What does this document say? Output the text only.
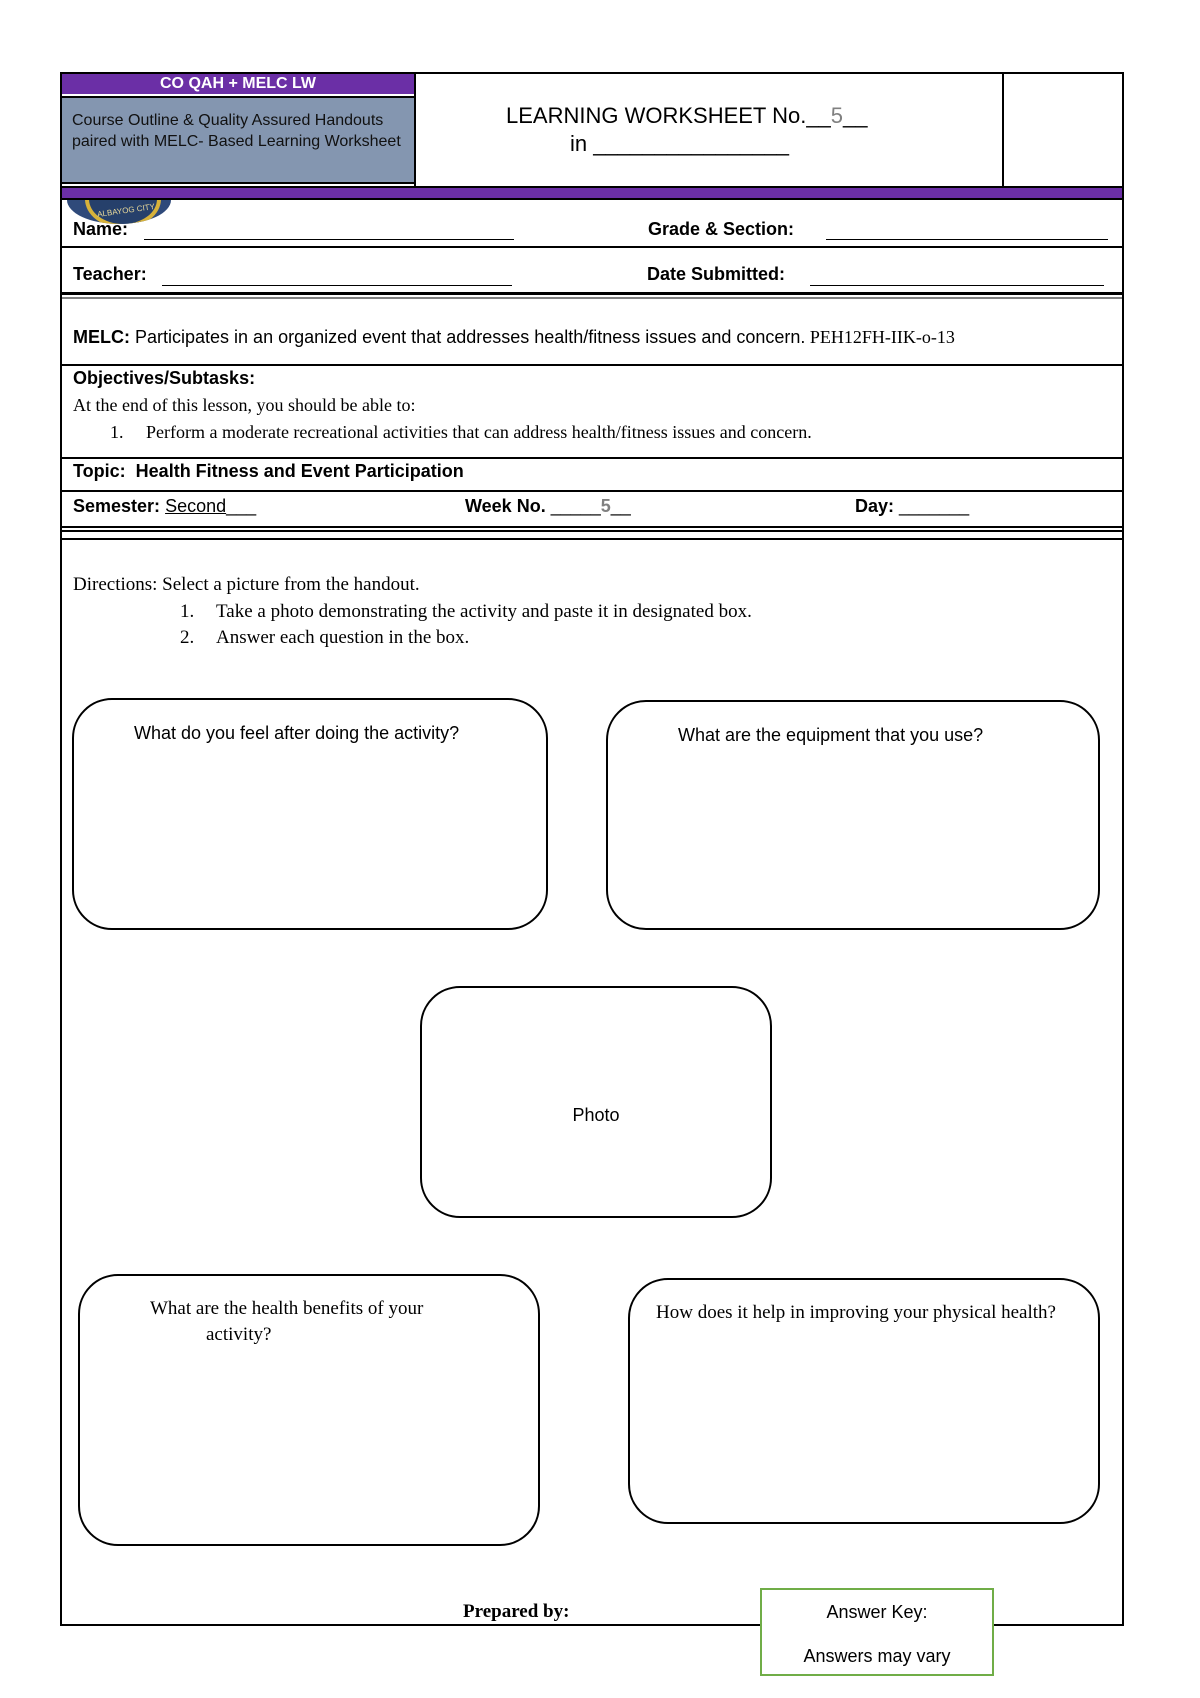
CO QAH + MELC LW
Course Outline & Quality Assured Handouts paired with MELC- Based Learning Worksheet
LEARNING WORKSHEET No.__5__
in ________________
ALBAYOG CITY
Name:	Grade & Section:
Teacher:	Date Submitted:
MELC: Participates in an organized event that addresses health/fitness issues and concern. PEH12FH-IIK-o-13
Objectives/Subtasks:
At the end of this lesson, you should be able to:
1. Perform a moderate recreational activities that can address health/fitness issues and concern.
Topic: Health Fitness and Event Participation
Semester: Second___	Week No. _____5__	Day: _______
Directions: Select a picture from the handout.
1. Take a photo demonstrating the activity and paste it in designated box.
2. Answer each question in the box.
What do you feel after doing the activity?	What are the equipment that you use?
Photo
What are the health benefits of your
activity?
How does it help in improving your physical health?
Prepared by:	Answer Key:
Answers may vary
